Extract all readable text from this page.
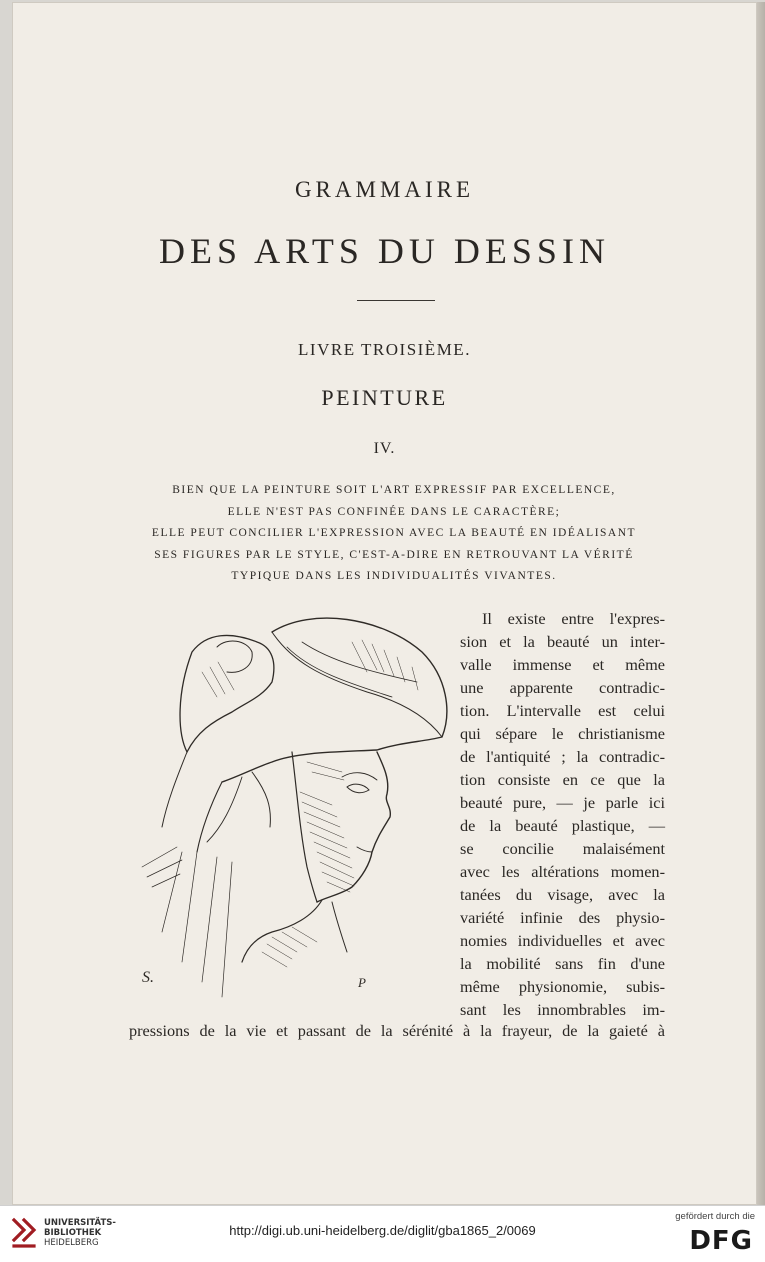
GRAMMAIRE
DES ARTS DU DESSIN
LIVRE TROISIÈME.
PEINTURE
IV.
BIEN QUE LA PEINTURE SOIT L'ART EXPRESSIF PAR EXCELLENCE,
ELLE N'EST PAS CONFINÉE DANS LE CARACTÈRE;
ELLE PEUT CONCILIER L'EXPRESSION AVEC LA BEAUTÉ EN IDÉALISANT
SES FIGURES PAR LE STYLE, C'EST-A-DIRE EN RETROUVANT LA VÉRITÉ
TYPIQUE DANS LES INDIVIDUALITÉS VIVANTES.
S.	P
Il existe entre l'expres-
sion et la beauté un inter-
valle immense et même
une apparente contradic-
tion. L'intervalle est celui
qui sépare le christianisme
de l'antiquité ; la contradic-
tion consiste en ce que la
beauté pure, — je parle ici
de la beauté plastique, —
se concilie malaisément
avec les altérations momen-
tanées du visage, avec la
variété infinie des physio-
nomies individuelles et avec
la mobilité sans fin d'une
même physionomie, subis-
sant les innombrables im-
pressions de la vie et passant de la sérénité à la frayeur, de la gaieté à
UNIVERSITÄTS-
BIBLIOTHEK
HEIDELBERG
http://digi.ub.uni-heidelberg.de/diglit/gba1865_2/0069
gefördert durch die
DFG
